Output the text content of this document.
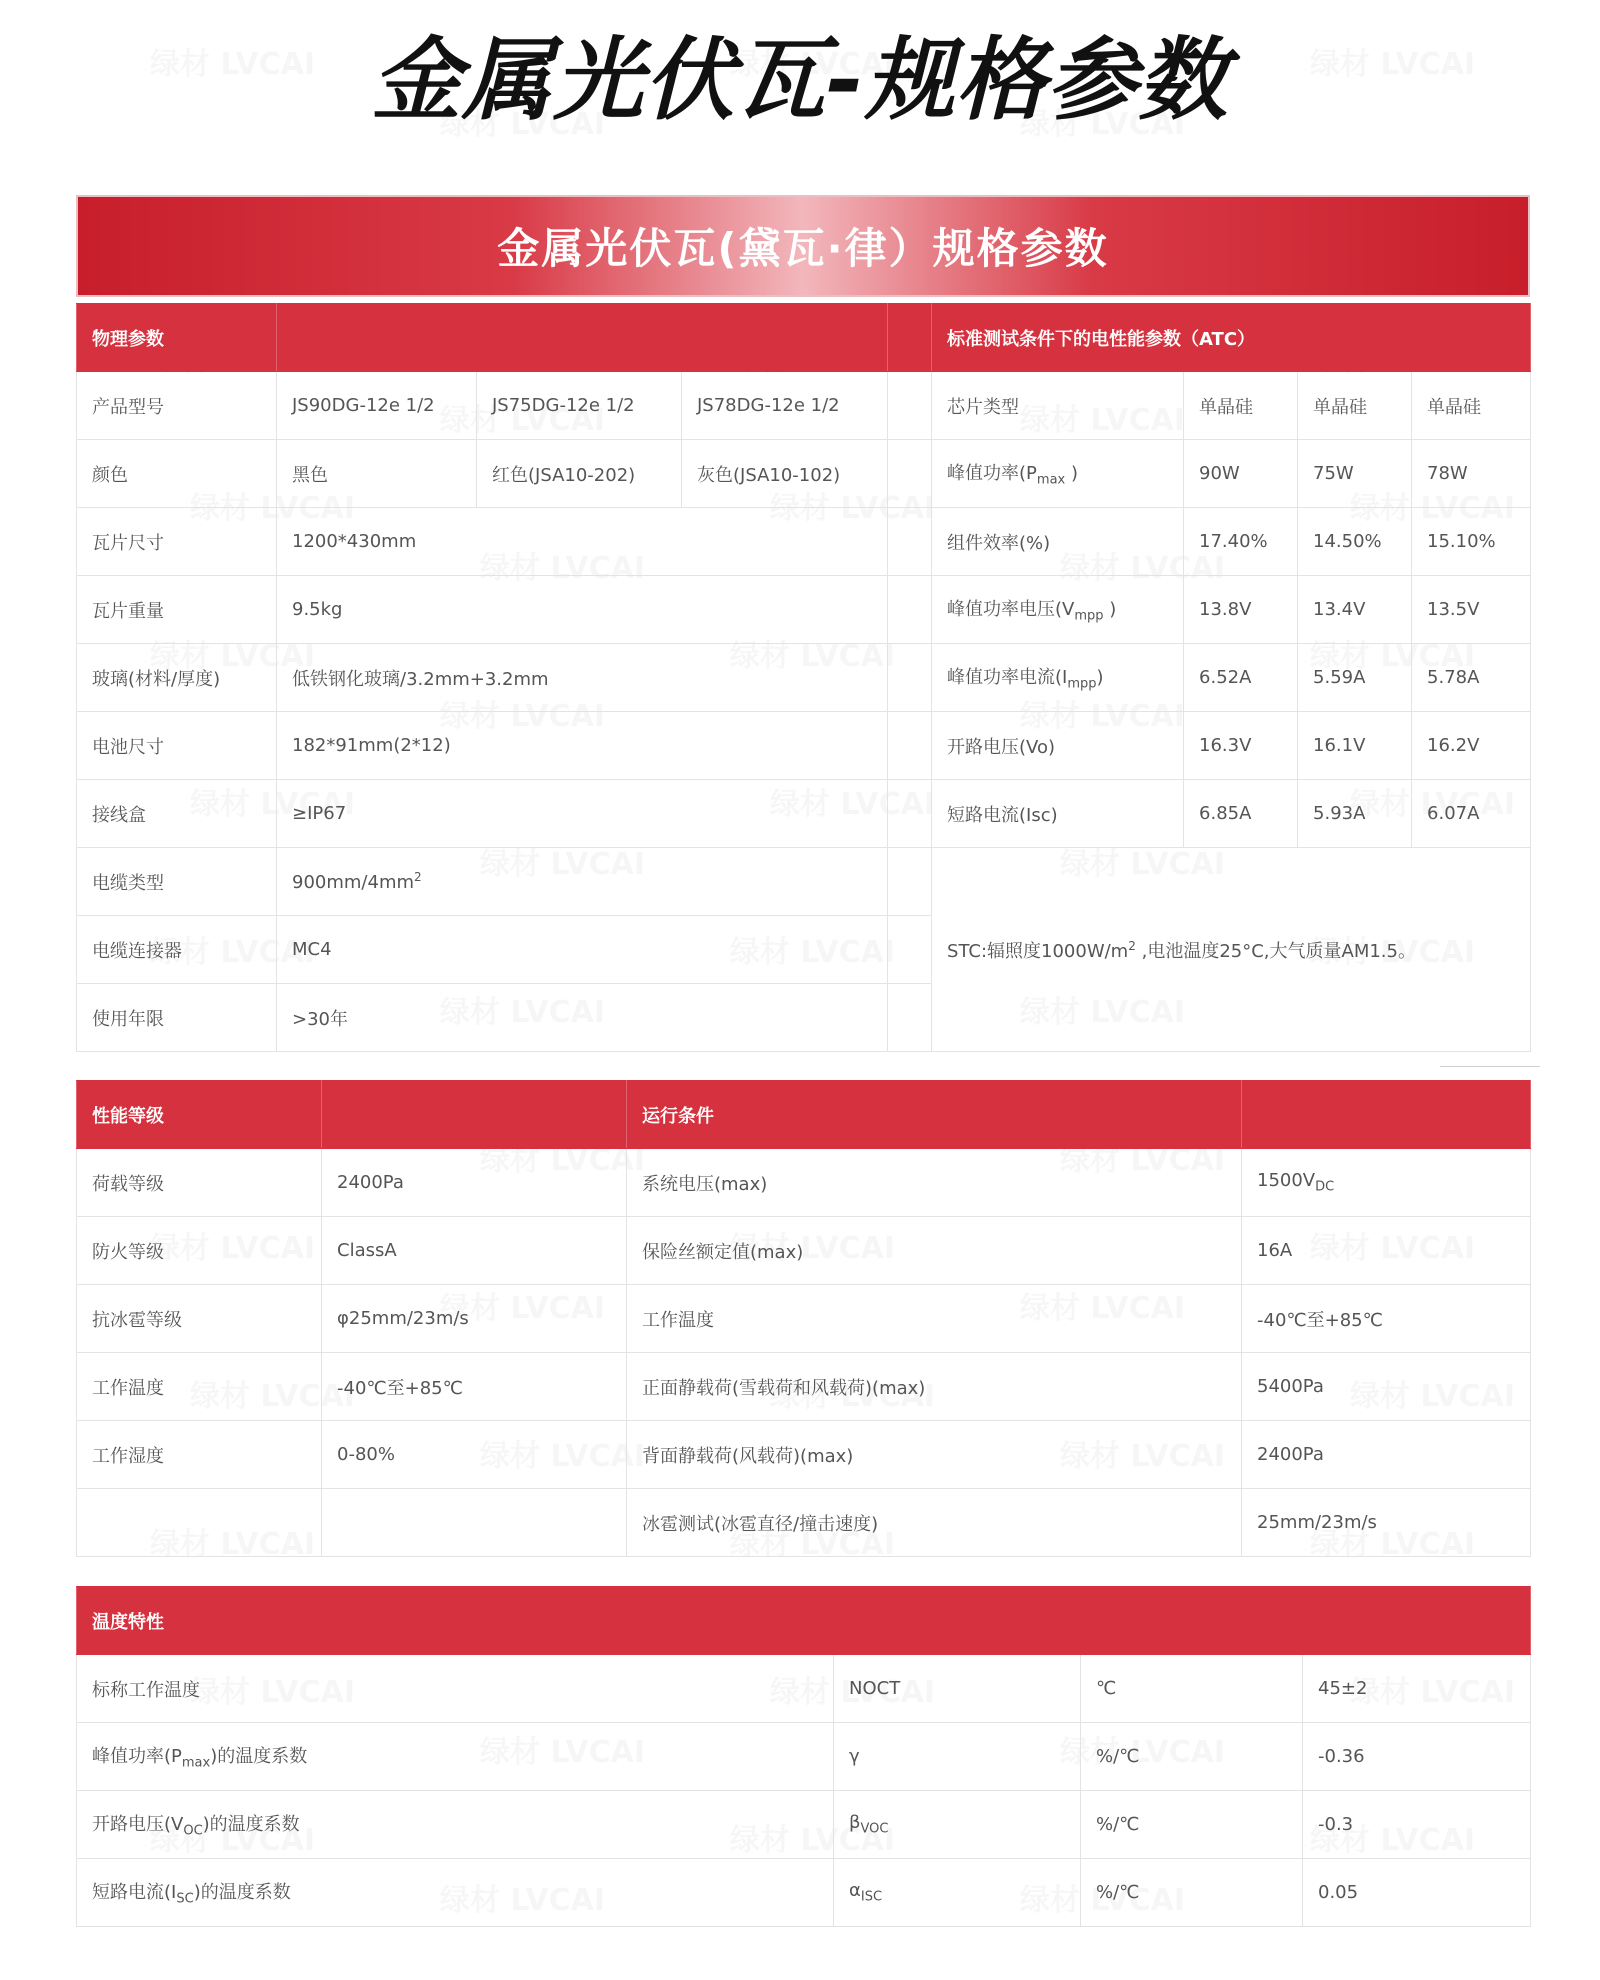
金属光伏瓦-规格参数
金属光伏瓦(黛瓦·律）规格参数
物理参数					标准测试条件下的电性能参数（ATC）			
产品型号	JS90DG-12e 1/2	JS75DG-12e 1/2	JS78DG-12e 1/2		芯片类型	单晶硅	单晶硅	单晶硅
颜色	黑色	红色(JSA10-202)	灰色(JSA10-102)		峰值功率($P_{max}$ )	90W	75W	78W
瓦片尺寸	1200*430mm				组件效率(%)	17.40%	14.50%	15.10%
瓦片重量	9.5kg				峰值功率电压($V_{mpp}$ )	13.8V	13.4V	13.5V
玻璃(材料/厚度)	低铁钢化玻璃/3.2mm+3.2mm				峰值功率电流$(I_{mpp})$	6.52A	5.59A	5.78A
电池尺寸	182*91mm(2*12)				开路电压(Vo)	16.3V	16.1V	16.2V
接线盒	≥IP67				短路电流(Isc)	6.85A	5.93A	6.07A
电缆类型	$900mm/4mm^2$				STC:辐照度$1000W/m^2$ ,电池温度25°C,大气质量AM1.5。			
电缆连接器	MC4							
使用年限	>30年							
性能等级		运行条件	
荷载等级	2400Pa	系统电压(max)	$1500V_{DC}$
防火等级	ClassA	保险丝额定值(max)	16A
抗冰雹等级	φ25mm/23m/s	工作温度	-40℃至+85℃
工作温度	-40℃至+85℃	正面静载荷(雪载荷和风载荷)(max)	5400Pa
工作湿度	0-80%	背面静载荷(风载荷)(max)	2400Pa
		冰雹测试(冰雹直径/撞击速度)	25mm/23m/s
温度特性			
标称工作温度	NOCT	℃	45±2
峰值功率$(P_{max})$的温度系数	γ	%/℃	-0.36
开路电压$(V_{OC})$的温度系数	$\beta_{VOC}$	%/℃	-0.3
短路电流$(I_{SC})$的温度系数	$\alpha_{ISC}$	%/℃	0.05
